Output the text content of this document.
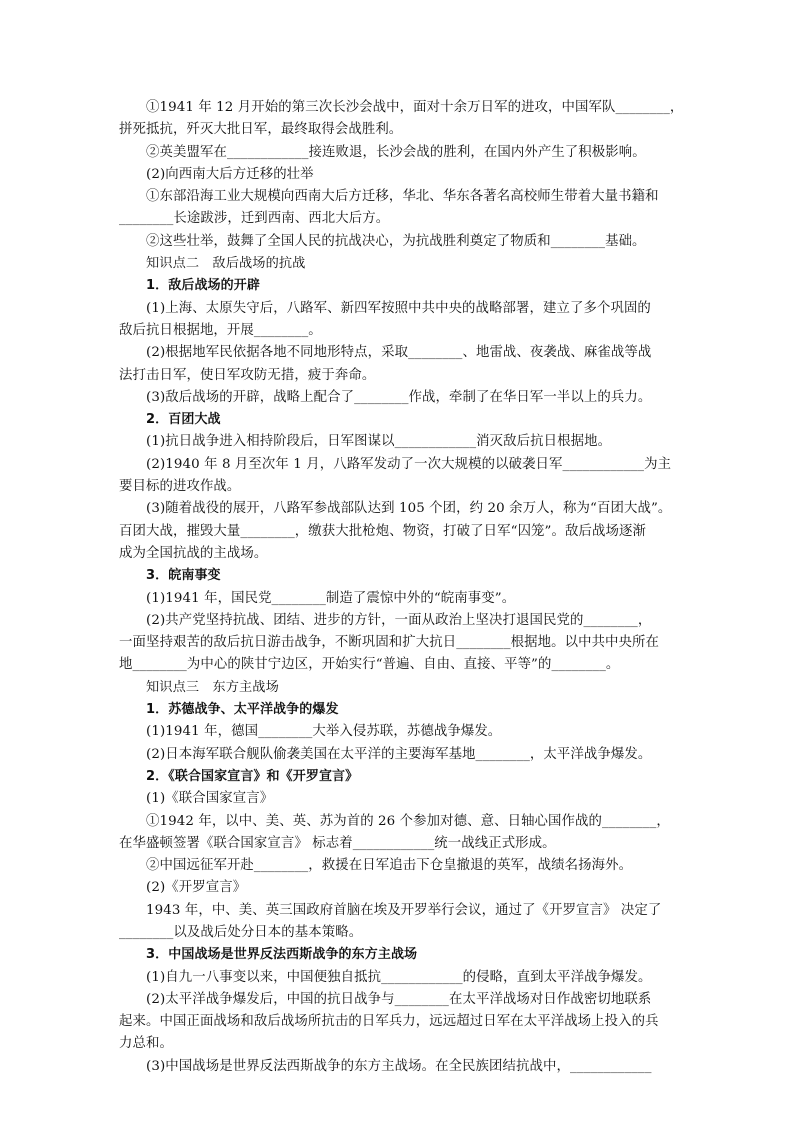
①1941 年 12 月开始的第三次长沙会战中，面对十余万日军的进攻，中国军队________，
拼死抵抗，歼灭大批日军，最终取得会战胜利。
②英美盟军在____________接连败退，长沙会战的胜利，在国内外产生了积极影响。
(2)向西南大后方迁移的壮举
①东部沿海工业大规模向西南大后方迁移，华北、华东各著名高校师生带着大量书籍和
________长途跋涉，迁到西南、西北大后方。
②这些壮举，鼓舞了全国人民的抗战决心，为抗战胜利奠定了物质和________基础。
知识点二　敌后战场的抗战
1．敌后战场的开辟
(1)上海、太原失守后，八路军、新四军按照中共中央的战略部署，建立了多个巩固的
敌后抗日根据地，开展________。
(2)根据地军民依据各地不同地形特点，采取________、地雷战、夜袭战、麻雀战等战
法打击日军，使日军攻防无措，疲于奔命。
(3)敌后战场的开辟，战略上配合了________作战，牵制了在华日军一半以上的兵力。
2．百团大战
(1)抗日战争进入相持阶段后，日军图谋以____________消灭敌后抗日根据地。
(2)1940 年 8 月至次年 1 月，八路军发动了一次大规模的以破袭日军____________为主
要目标的进攻作战。
(3)随着战役的展开，八路军参战部队达到 105 个团，约 20 余万人，称为“百团大战”。
百团大战，摧毁大量________，缴获大批枪炮、物资，打破了日军“囚笼”。敌后战场逐渐
成为全国抗战的主战场。
3．皖南事变
(1)1941 年，国民党________制造了震惊中外的“皖南事变”。
(2)共产党坚持抗战、团结、进步的方针，一面从政治上坚决打退国民党的________，
一面坚持艰苦的敌后抗日游击战争，不断巩固和扩大抗日________根据地。以中共中央所在
地________为中心的陕甘宁边区，开始实行“普遍、自由、直接、平等”的________。
知识点三　东方主战场
1．苏德战争、太平洋战争的爆发
(1)1941 年，德国________大举入侵苏联，苏德战争爆发。
(2)日本海军联合舰队偷袭美国在太平洋的主要海军基地________，太平洋战争爆发。
2．《联合国家宣言》和《开罗宣言》
(1)《联合国家宣言》
①1942 年，以中、美、英、苏为首的 26 个参加对德、意、日轴心国作战的________，
在华盛顿签署《联合国家宣言》 标志着____________统一战线正式形成。
②中国远征军开赴________，救援在日军追击下仓皇撤退的英军，战绩名扬海外。
(2)《开罗宣言》
1943 年，中、美、英三国政府首脑在埃及开罗举行会议，通过了《开罗宣言》 决定了
________以及战后处分日本的基本策略。
3．中国战场是世界反法西斯战争的东方主战场
(1)自九一八事变以来，中国便独自抵抗____________的侵略，直到太平洋战争爆发。
(2)太平洋战争爆发后，中国的抗日战争与________在太平洋战场对日作战密切地联系
起来。中国正面战场和敌后战场所抗击的日军兵力，远远超过日军在太平洋战场上投入的兵
力总和。
(3)中国战场是世界反法西斯战争的东方主战场。在全民族团结抗战中，____________
